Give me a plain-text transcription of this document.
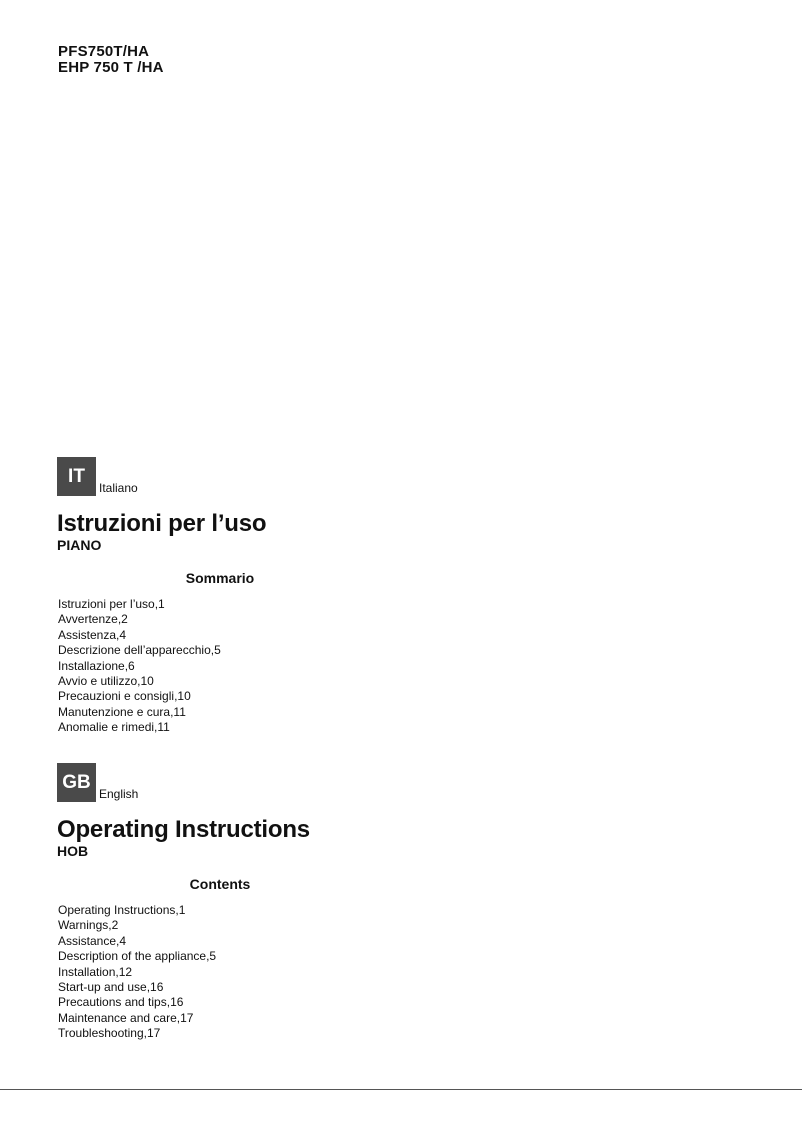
PFS750T/HA
EHP 750 T /HA
IT
Italiano
Istruzioni per l’uso
PIANO
Sommario
Istruzioni per l’uso,1
Avvertenze,2
Assistenza,4
Descrizione dell’apparecchio,5
Installazione,6
Avvio e utilizzo,10
Precauzioni e consigli,10
Manutenzione e cura,11
Anomalie e rimedi,11
GB
English
Operating Instructions
HOB
Contents
Operating Instructions,1
Warnings,2
Assistance,4
Description of the appliance,5
Installation,12
Start-up and use,16
Precautions and tips,16
Maintenance and care,17
Troubleshooting,17
